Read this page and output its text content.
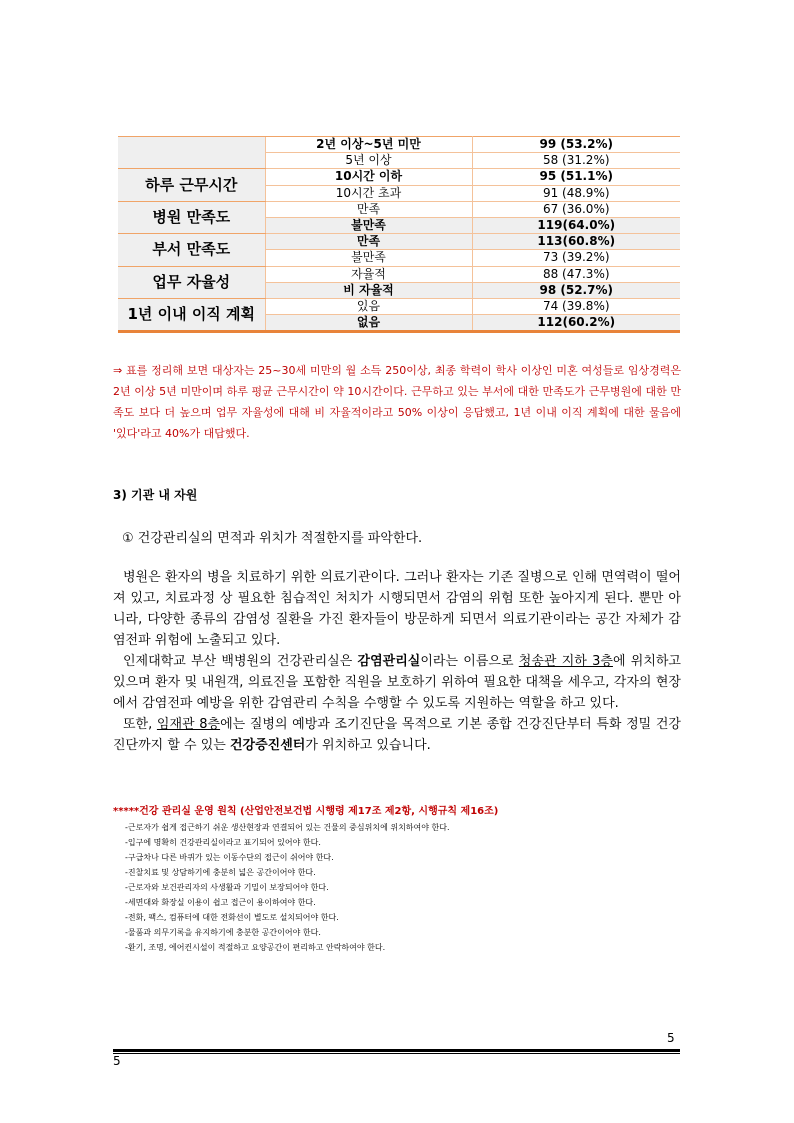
	2년 이상~5년 미만	99 (53.2%)
	5년 이상	58 (31.2%)
하루 근무시간	10시간 이하	95 (51.1%)
	10시간 초과	91 (48.9%)
병원 만족도	만족	67 (36.0%)
	불만족	119(64.0%)
부서 만족도	만족	113(60.8%)
	불만족	73 (39.2%)
업무 자율성	자율적	88 (47.3%)
	비 자율적	98 (52.7%)
1년 이내 이직 계획	있음	74 (39.8%)
	없음	112(60.2%)
⇒ 표를 정리해 보면 대상자는 25~30세 미만의 월 소득 250이상, 최종 학력이 학사 이상인 미혼 여성들로 임상경력은 2년 이상 5년 미만이며 하루 평균 근무시간이 약 10시간이다. 근무하고 있는 부서에 대한 만족도가 근무병원에 대한 만족도 보다 더 높으며 업무 자율성에 대해 비 자율적이라고 50% 이상이 응답했고, 1년 이내 이직 계획에 대한 물음에 '있다'라고 40%가 대답했다.
3) 기관 내 자원
① 건강관리실의 면적과 위치가 적절한지를 파악한다.

병원은 환자의 병을 치료하기 위한 의료기관이다. 그러나 환자는 기존 질병으로 인해 면역력이 떨어져 있고, 치료과정 상 필요한 침습적인 처치가 시행되면서 감염의 위험 또한 높아지게 된다. 뿐만 아니라, 다양한 종류의 감염성 질환을 가진 환자들이 방문하게 되면서 의료기관이라는 공간 자체가 감염전파 위험에 노출되고 있다.

인제대학교 부산 백병원의 건강관리실은 감염관리실이라는 이름으로 청송관 지하 3층에 위치하고 있으며 환자 및 내원객, 의료진을 포함한 직원을 보호하기 위하여 필요한 대책을 세우고, 각자의 현장에서 감염전파 예방을 위한 감염관리 수칙을 수행할 수 있도록 지원하는 역할을 하고 있다.

또한, 임재관 8층에는 질병의 예방과 조기진단을 목적으로 기본 종합 건강진단부터 특화 정밀 건강진단까지 할 수 있는 건강증진센터가 위치하고 있습니다.

*****건강 관리실 운영 원칙 (산업안전보건법 시행령 제17조 제2항, 시행규칙 제16조)
-근로자가 쉽게 접근하기 쉬운 생산현장과 연결되어 있는 건물의 중심위치에 위치하여야 한다.
-입구에 명확히 건강관리실이라고 표기되어 있어야 한다.
-구급차나 다른 바퀴가 있는 이동수단의 접근이 쉬어야 한다.
-진찰치료 및 상담하기에 충분히 넓은 공간이어야 한다.
-근로자와 보건관리자의 사생활과 기밀이 보장되어야 한다.
-세면대와 화장실 이용이 쉽고 접근이 용이하여야 한다.
-전화, 팩스, 컴퓨터에 대한 전화선이 별도로 설치되어야 한다.
-물품과 의무기록을 유지하기에 충분한 공간이어야 한다.
-환기, 조명, 에어컨시설이 적절하고 요양공간이 편리하고 안락하여야 한다.
5
5
